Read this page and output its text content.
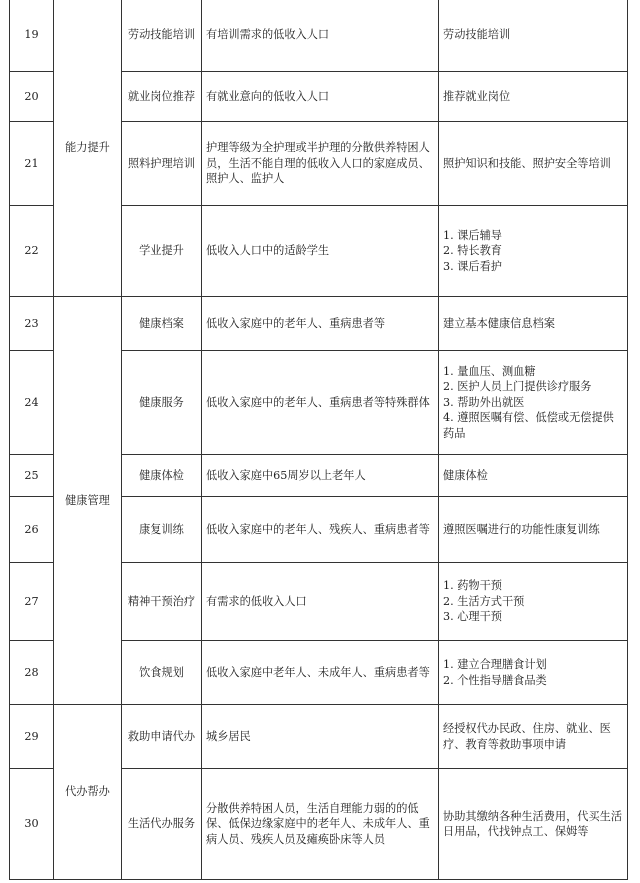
19	能力提升	劳动技能培训	有培训需求的低收入人口	劳动技能培训

20		就业岗位推荐	有就业意向的低收入人口	推荐就业岗位

21		照料护理培训	护理等级为全护理或半护理的分散供养特困人员，生活不能自理的低收入人口的家庭成员、照护人、监护人	照护知识和技能、照护安全等培训

22		学业提升	低收入人口中的适龄学生	1. 课后辅导
2. 特长教育
3. 课后看护

23	健康管理	健康档案	低收入家庭中的老年人、重病患者等	建立基本健康信息档案

24		健康服务	低收入家庭中的老年人、重病患者等特殊群体	1. 量血压、测血糖
2. 医护人员上门提供诊疗服务
3. 帮助外出就医
4. 遵照医嘱有偿、低偿或无偿提供药品

25		健康体检	低收入家庭中65周岁以上老年人	健康体检

26		康复训练	低收入家庭中的老年人、残疾人、重病患者等	遵照医嘱进行的功能性康复训练

27		精神干预治疗	有需求的低收入人口	1. 药物干预
2. 生活方式干预
3. 心理干预

28		饮食规划	低收入家庭中老年人、未成年人、重病患者等	1. 建立合理膳食计划
2. 个性指导膳食品类

29	代办帮办	救助申请代办	城乡居民	经授权代办民政、住房、就业、医疗、教育等救助事项申请

30		生活代办服务	分散供养特困人员，生活自理能力弱的的低保、低保边缘家庭中的老年人、未成年人、重病人员、残疾人员及瘫痪卧床等人员	协助其缴纳各种生活费用，代买生活日用品，代找钟点工、保姆等
